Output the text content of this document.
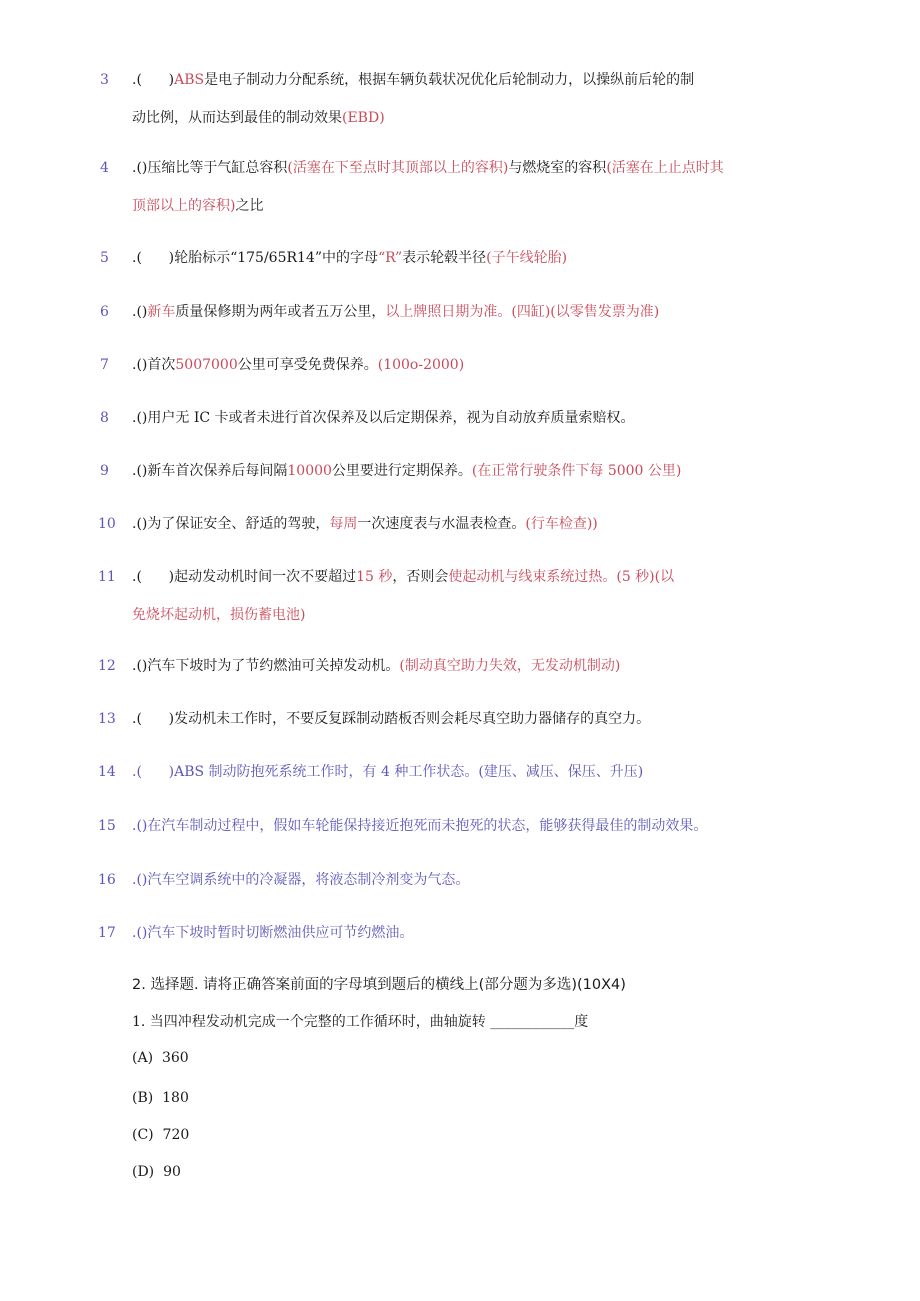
3 .(      )ABS是电子制动力分配系统，根据车辆负载状况优化后轮制动力，以操纵前后轮的制
动比例，从而达到最佳的制动效果(EBD)
4 .()压缩比等于气缸总容积(活塞在下至点时其顶部以上的容积)与燃烧室的容积(活塞在上止点时其
顶部以上的容积)之比
5 .(      )轮胎标示“175/65R14”中的字母“R”表示轮毂半径(子午线轮胎)
6 .()新车质量保修期为两年或者五万公里，以上牌照日期为准。(四缸)(以零售发票为准)
7 .()首次5007000公里可享受免费保养。(100o-2000)
8 .()用户无 IC 卡或者未进行首次保养及以后定期保养，视为自动放弃质量索赔权。
9 .()新车首次保养后每间隔10000公里要进行定期保养。(在正常行驶条件下每 5000 公里)
10 .()为了保证安全、舒适的驾驶，每周一次速度表与水温表检查。(行车检查))
11 .(      )起动发动机时间一次不要超过15 秒，否则会使起动机与线束系统过热。(5 秒)(以
免烧坏起动机，损伤蓄电池)
12 .()汽车下坡时为了节约燃油可关掉发动机。(制动真空助力失效，无发动机制动)
13 .(      )发动机未工作时，不要反复踩制动踏板否则会耗尽真空助力器储存的真空力。
14 .(      )ABS 制动防抱死系统工作时，有 4 种工作状态。(建压、减压、保压、升压)
15 .()在汽车制动过程中，假如车轮能保持接近抱死而未抱死的状态，能够获得最佳的制动效果。
16 .()汽车空调系统中的冷凝器，将液态制冷剂变为气态。
17 .()汽车下坡时暂时切断燃油供应可节约燃油。
2. 选择题. 请将正确答案前面的字母填到题后的横线上(部分题为多选)(10X4)
1. 当四冲程发动机完成一个完整的工作循环时，曲轴旋转 ____________度
(A) 360
(B) 180
(C) 720
(D) 90
